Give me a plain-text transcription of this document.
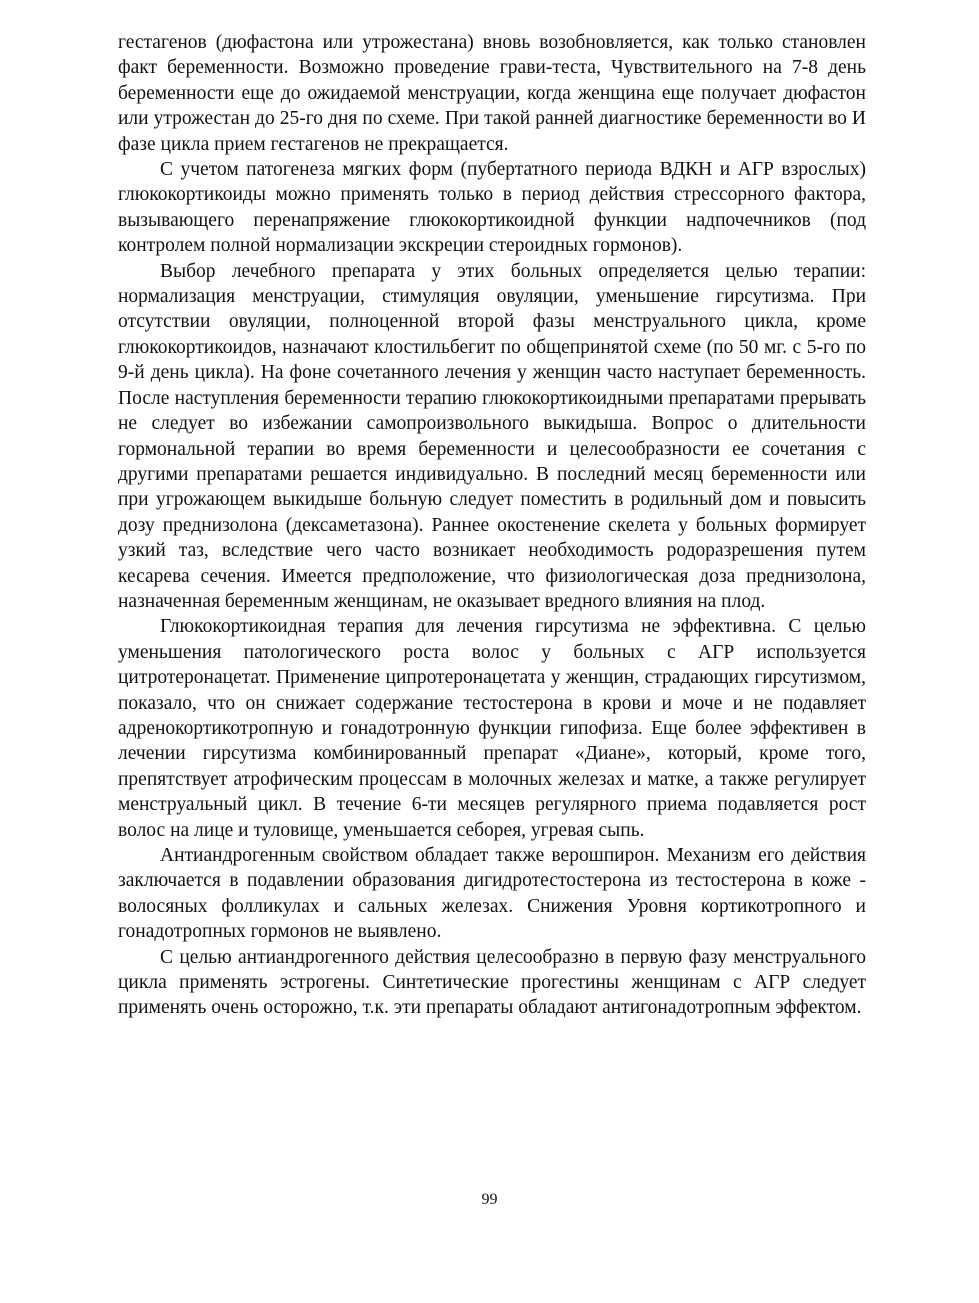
гестагенов (дюфастона или утрожестана) вновь возобновляется, как только становлен факт беременности. Возможно проведение грави-теста, Чувствительного на 7-8 день беременности еще до ожидаемой менструации, когда женщина еще получает дюфастон или утрожестан до 25-го дня по схеме. При такой ранней диагностике беременности во И фазе цикла прием гестагенов не прекращается.

С учетом патогенеза мягких форм (пубертатного периода ВДКН и АГР взрослых) глюкокортикоиды можно применять только в период действия стрессорного фактора, вызывающего перенапряжение глюкокортикоидной функции надпочечников (под контролем полной нормализации экскреции стероидных гормонов).

Выбор лечебного препарата у этих больных определяется целью терапии: нормализация менструации, стимуляция овуляции, уменьшение гирсутизма. При отсутствии овуляции, полноценной второй фазы менструального цикла, кроме глюкокортикоидов, назначают клостильбегит по общепринятой схеме (по 50 мг. с 5-го по 9-й день цикла). На фоне сочетанного лечения у женщин часто наступает беременность. После наступления беременности терапию глюкокортикоидными препаратами прерывать не следует во избежании самопроизвольного выкидыша. Вопрос о длительности гормональной терапии во время беременности и целесообразности ее сочетания с другими препаратами решается индивидуально. В последний месяц беременности или при угрожающем выкидыше больную следует поместить в родильный дом и повысить дозу преднизолона (дексаметазона). Раннее окостенение скелета у больных формирует узкий таз, вследствие чего часто возникает необходимость родоразрешения путем кесарева сечения. Имеется предположение, что физиологическая доза преднизолона, назначенная беременным женщинам, не оказывает вредного влияния на плод.

Глюкокортикоидная терапия для лечения гирсутизма не эффективна. С целью уменьшения патологического роста волос у больных с АГР используется цитротеронацетат. Применение ципротеронацетата у женщин, страдающих гирсутизмом, показало, что он снижает содержание тестостерона в крови и моче и не подавляет адренокортикотропную и гонадотронную функции гипофиза. Еще более эффективен в лечении гирсутизма комбинированный препарат «Диане», который, кроме того, препятствует атрофическим процессам в молочных железах и матке, а также регулирует менструальный цикл. В течение 6-ти месяцев регулярного приема подавляется рост волос на лице и туловище, уменьшается себорея, угревая сыпь.

Антиандрогенным свойством обладает также верошпирон. Механизм его действия заключается в подавлении образования дигидротестостерона из тестостерона в коже - волосяных фолликулах и сальных железах. Снижения Уровня кортикотропного и гонадотропных гормонов не выявлено.

С целью антиандрогенного действия целесообразно в первую фазу менструального цикла применять эстрогены. Синтетические прогестины женщинам с АГР следует применять очень осторожно, т.к. эти препараты обладают антигонадотропным эффектом.

99
